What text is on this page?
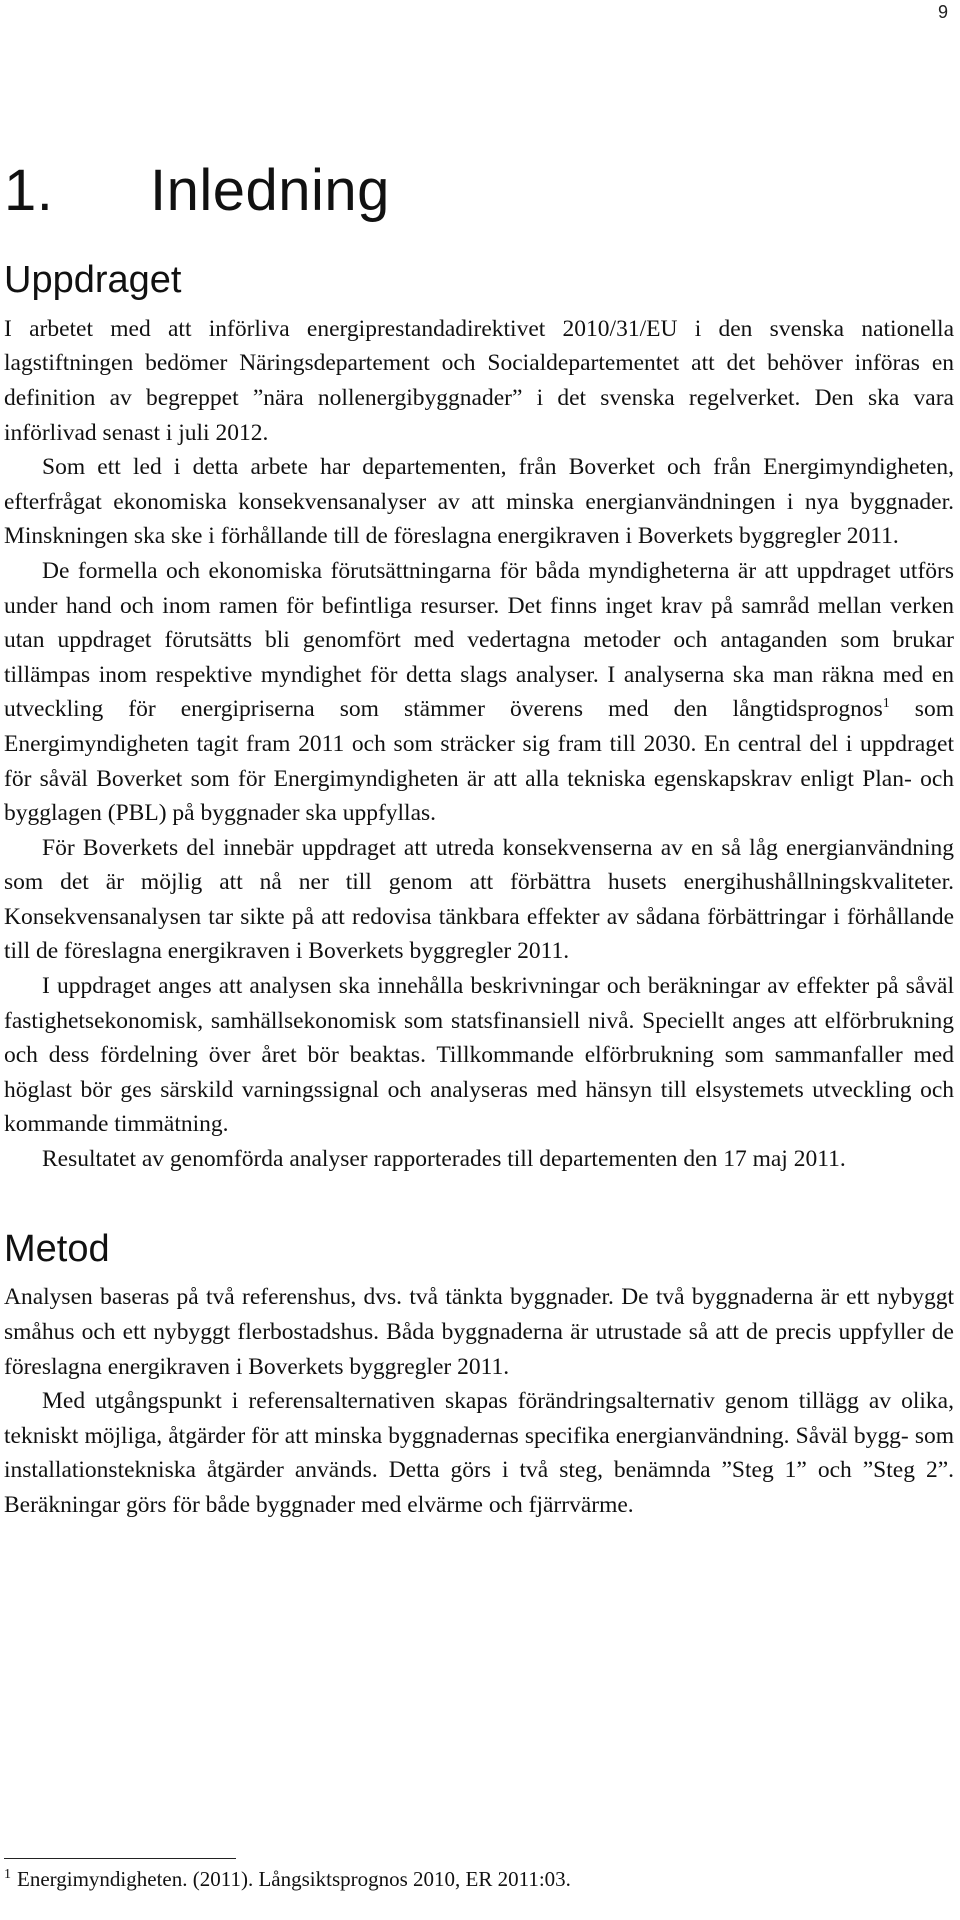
9
1.	Inledning
Uppdraget

I arbetet med att införliva energiprestandadirektivet 2010/31/EU i den svenska nationella lagstiftningen bedömer Näringsdepartement och Socialdepartementet att det behöver införas en definition av begreppet ”nära nollenergibyggnader” i det svenska regelverket. Den ska vara införlivad senast i juli 2012.

Som ett led i detta arbete har departementen, från Boverket och från Energimyndigheten, efterfrågat ekonomiska konsekvensanalyser av att minska energianvändningen i nya byggnader. Minskningen ska ske i förhållande till de föreslagna energikraven i Boverkets byggregler 2011.

De formella och ekonomiska förutsättningarna för båda myndigheterna är att uppdraget utförs under hand och inom ramen för befintliga resurser. Det finns inget krav på samråd mellan verken utan uppdraget förutsätts bli genomfört med vedertagna metoder och antaganden som brukar tillämpas inom respektive myndighet för detta slags analyser. I analyserna ska man räkna med en utveckling för energipriserna som stämmer överens med den långtidsprognos$^1$ som Energimyndigheten tagit fram 2011 och som sträcker sig fram till 2030. En central del i uppdraget för såväl Boverket som för Energimyndigheten är att alla tekniska egenskapskrav enligt Plan- och bygglagen (PBL) på byggnader ska uppfyllas.

För Boverkets del innebär uppdraget att utreda konsekvenserna av en så låg energianvändning som det är möjlig att nå ner till genom att förbättra husets energihushållningskvaliteter. Konsekvensanalysen tar sikte på att redovisa tänkbara effekter av sådana förbättringar i förhållande till de föreslagna energikraven i Boverkets byggregler 2011.

I uppdraget anges att analysen ska innehålla beskrivningar och beräkningar av effekter på såväl fastighetsekonomisk, samhällsekonomisk som statsfinansiell nivå. Speciellt anges att elförbrukning och dess fördelning över året bör beaktas. Tillkommande elförbrukning som sammanfaller med höglast bör ges särskild varningssignal och analyseras med hänsyn till elsystemets utveckling och kommande timmätning.

Resultatet av genomförda analyser rapporterades till departementen den 17 maj 2011.

Metod

Analysen baseras på två referenshus, dvs. två tänkta byggnader. De två byggnaderna är ett nybyggt småhus och ett nybyggt flerbostadshus. Båda byggnaderna är utrustade så att de precis uppfyller de föreslagna energikraven i Boverkets byggregler 2011.

Med utgångspunkt i referensalternativen skapas förändringsalternativ genom tillägg av olika, tekniskt möjliga, åtgärder för att minska byggnadernas specifika energianvändning. Såväl bygg- som installationstekniska åtgärder används. Detta görs i två steg, benämnda ”Steg 1” och ”Steg 2”. Beräkningar görs för både byggnader med elvärme och fjärrvärme.

$^1$ Energimyndigheten. (2011). Långsiktsprognos 2010, ER 2011:03.
